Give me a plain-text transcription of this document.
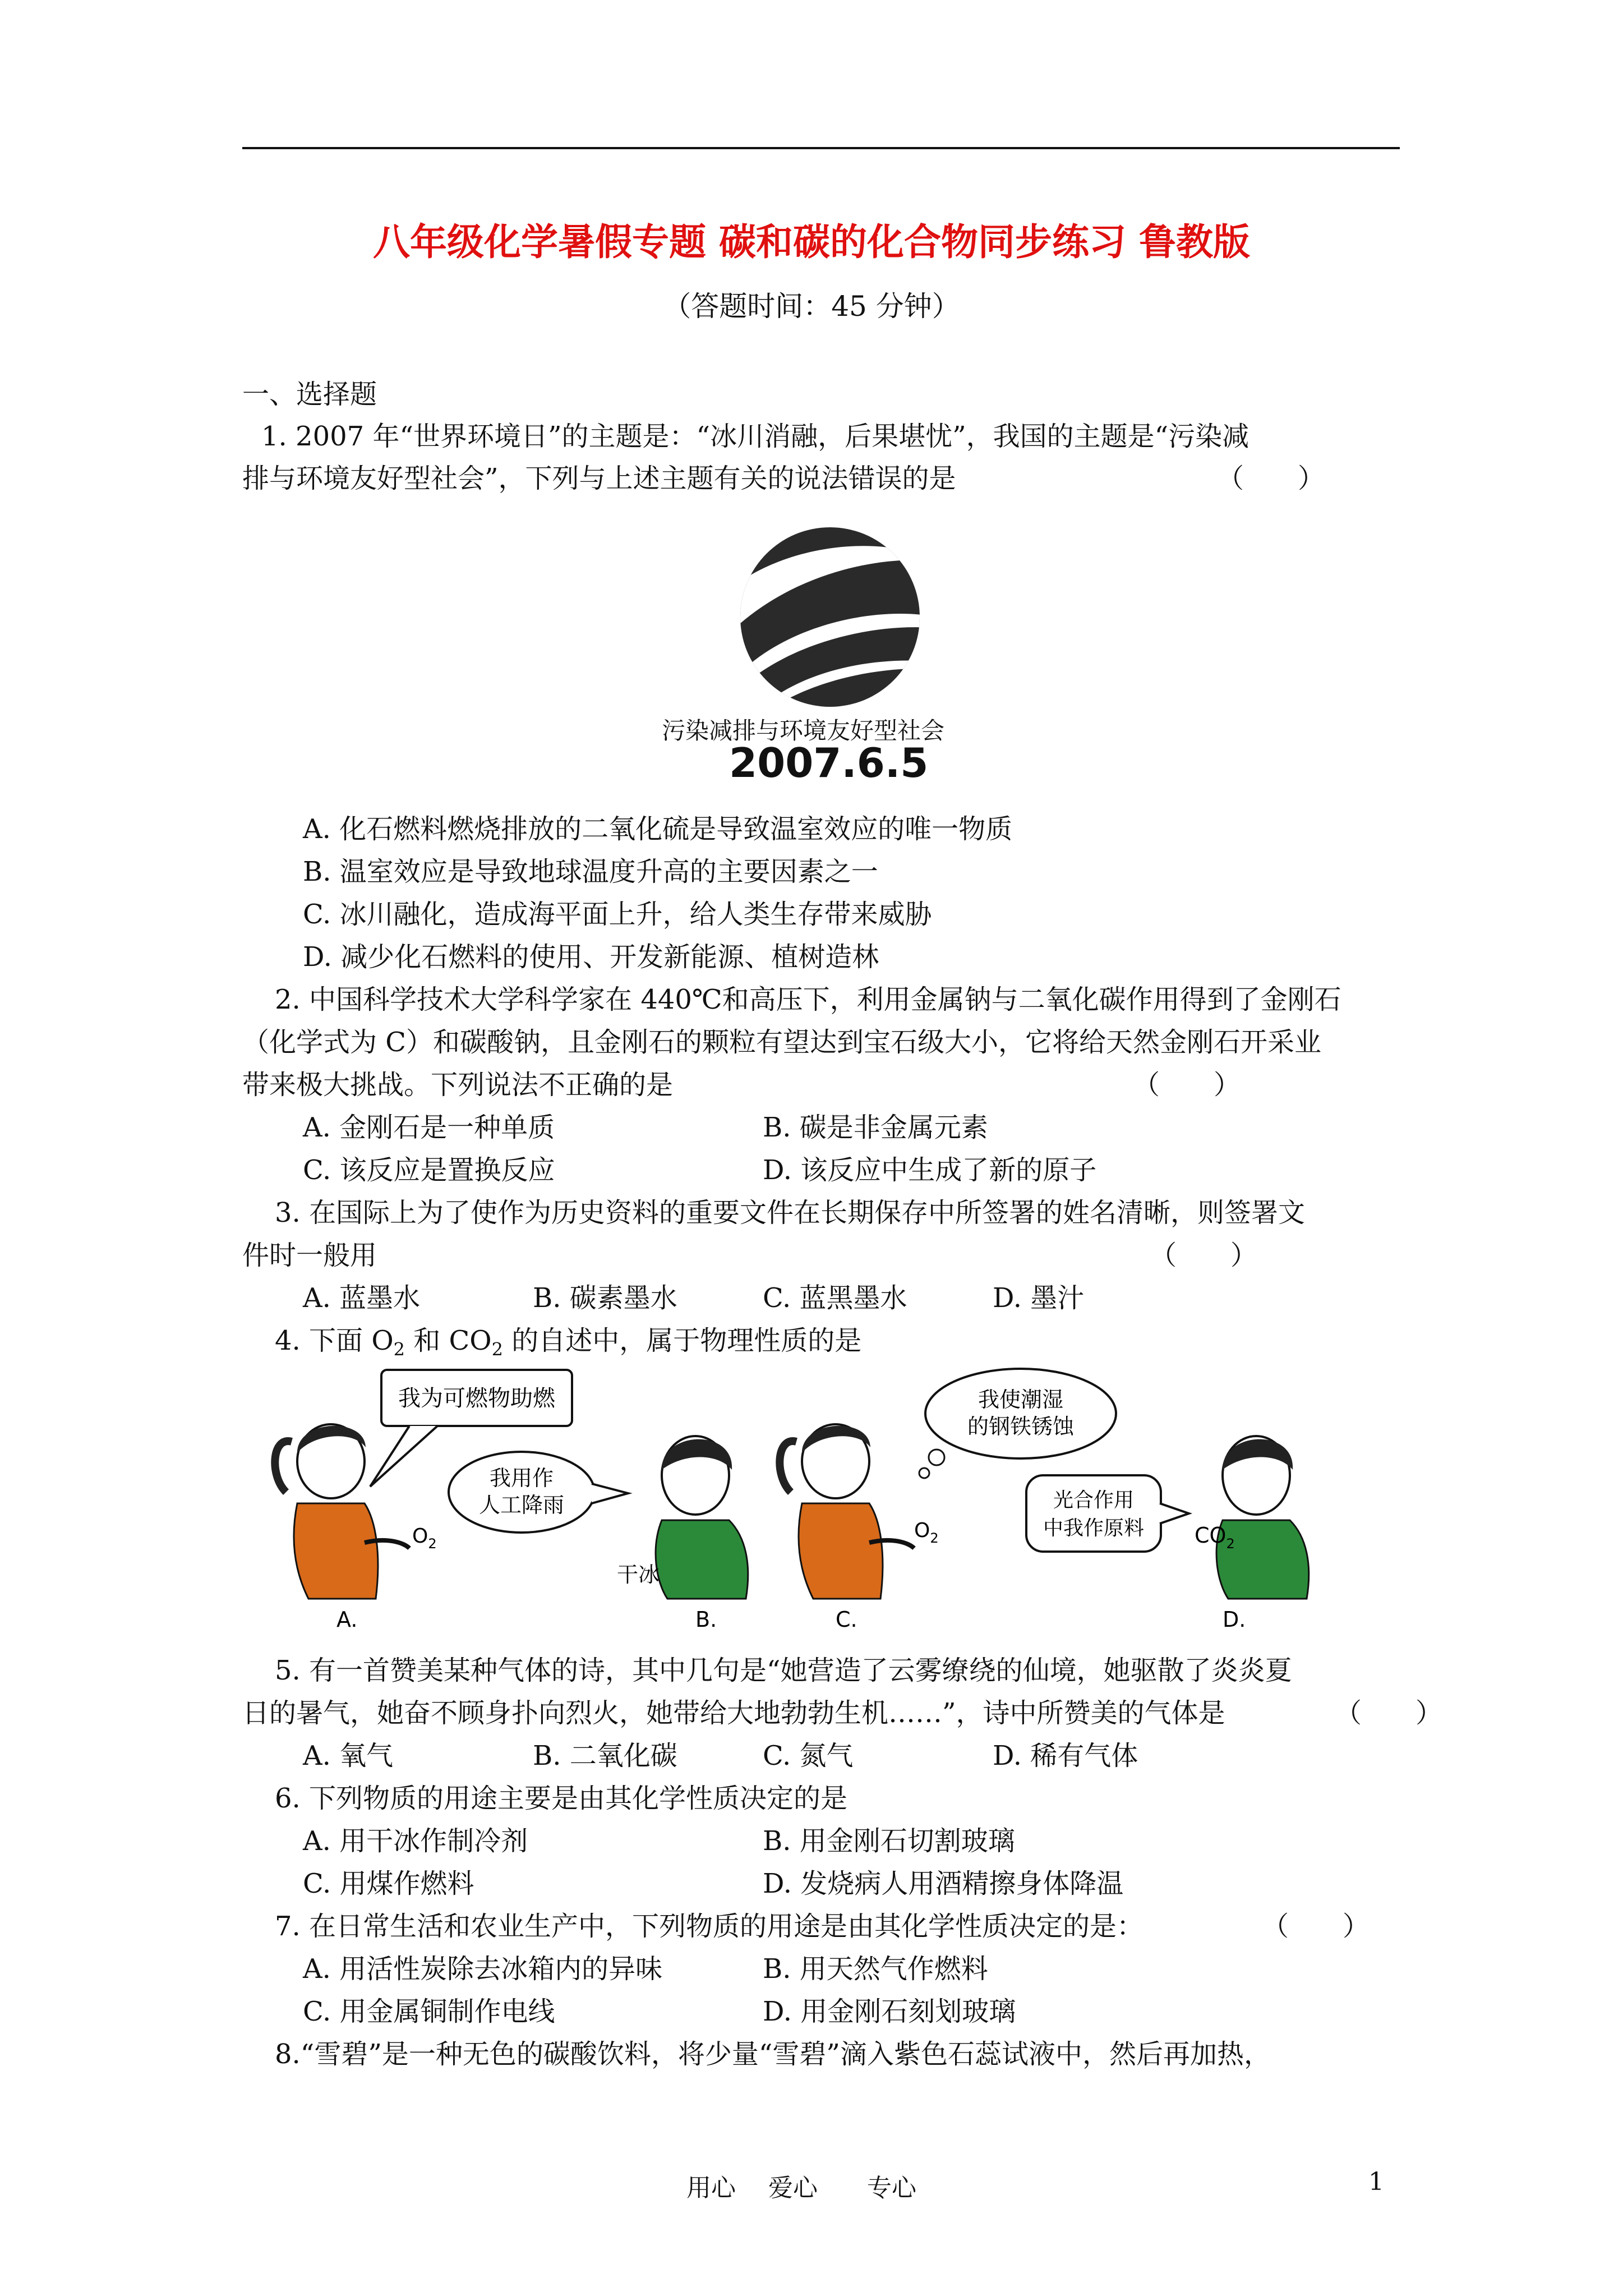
八年级化学暑假专题 碳和碳的化合物同步练习 鲁教版
（答题时间：45 分钟）
一、选择题
1. 2007 年“世界环境日”的主题是：“冰川消融，后果堪忧”，我国的主题是“污染减
排与环境友好型社会”，下列与上述主题有关的说法错误的是	（　　）
污染减排与环境友好型社会
2007.6.5
A. 化石燃料燃烧排放的二氧化硫是导致温室效应的唯一物质
B. 温室效应是导致地球温度升高的主要因素之一
C. 冰川融化，造成海平面上升，给人类生存带来威胁
D. 减少化石燃料的使用、开发新能源、植树造林
2. 中国科学技术大学科学家在 440℃和高压下，利用金属钠与二氧化碳作用得到了金刚石
（化学式为 C）和碳酸钠，且金刚石的颗粒有望达到宝石级大小，它将给天然金刚石开采业
带来极大挑战。下列说法不正确的是	（　　）
A. 金刚石是一种单质	B. 碳是非金属元素
C. 该反应是置换反应	D. 该反应中生成了新的原子
3. 在国际上为了使作为历史资料的重要文件在长期保存中所签署的姓名清晰，则签署文
件时一般用	（　　）
A. 蓝墨水	B. 碳素墨水	C. 蓝黑墨水	D. 墨汁
4. 下面 $O_2$ 和 $CO_2$ 的自述中，属于物理性质的是
我为可燃物助燃
我用作
人工降雨
我使潮湿
的钢铁锈蚀
光合作用
中我作原料
$O_2$
A.
干冰
B.
$O_2$
C.
$CO_2$
D.
5. 有一首赞美某种气体的诗，其中几句是“她营造了云雾缭绕的仙境，她驱散了炎炎夏
日的暑气，她奋不顾身扑向烈火，她带给大地勃勃生机……”，诗中所赞美的气体是	（　　）
A. 氧气	B. 二氧化碳	C. 氮气	D. 稀有气体
6. 下列物质的用途主要是由其化学性质决定的是
A. 用干冰作制冷剂	B. 用金刚石切割玻璃
C. 用煤作燃料	D. 发烧病人用酒精擦身体降温
7. 在日常生活和农业生产中，下列物质的用途是由其化学性质决定的是：	（　　）
A. 用活性炭除去冰箱内的异味	B. 用天然气作燃料
C. 用金属铜制作电线	D. 用金刚石刻划玻璃
8.“雪碧”是一种无色的碳酸饮料，将少量“雪碧”滴入紫色石蕊试液中，然后再加热，
用心　 爱心　　专心	1
